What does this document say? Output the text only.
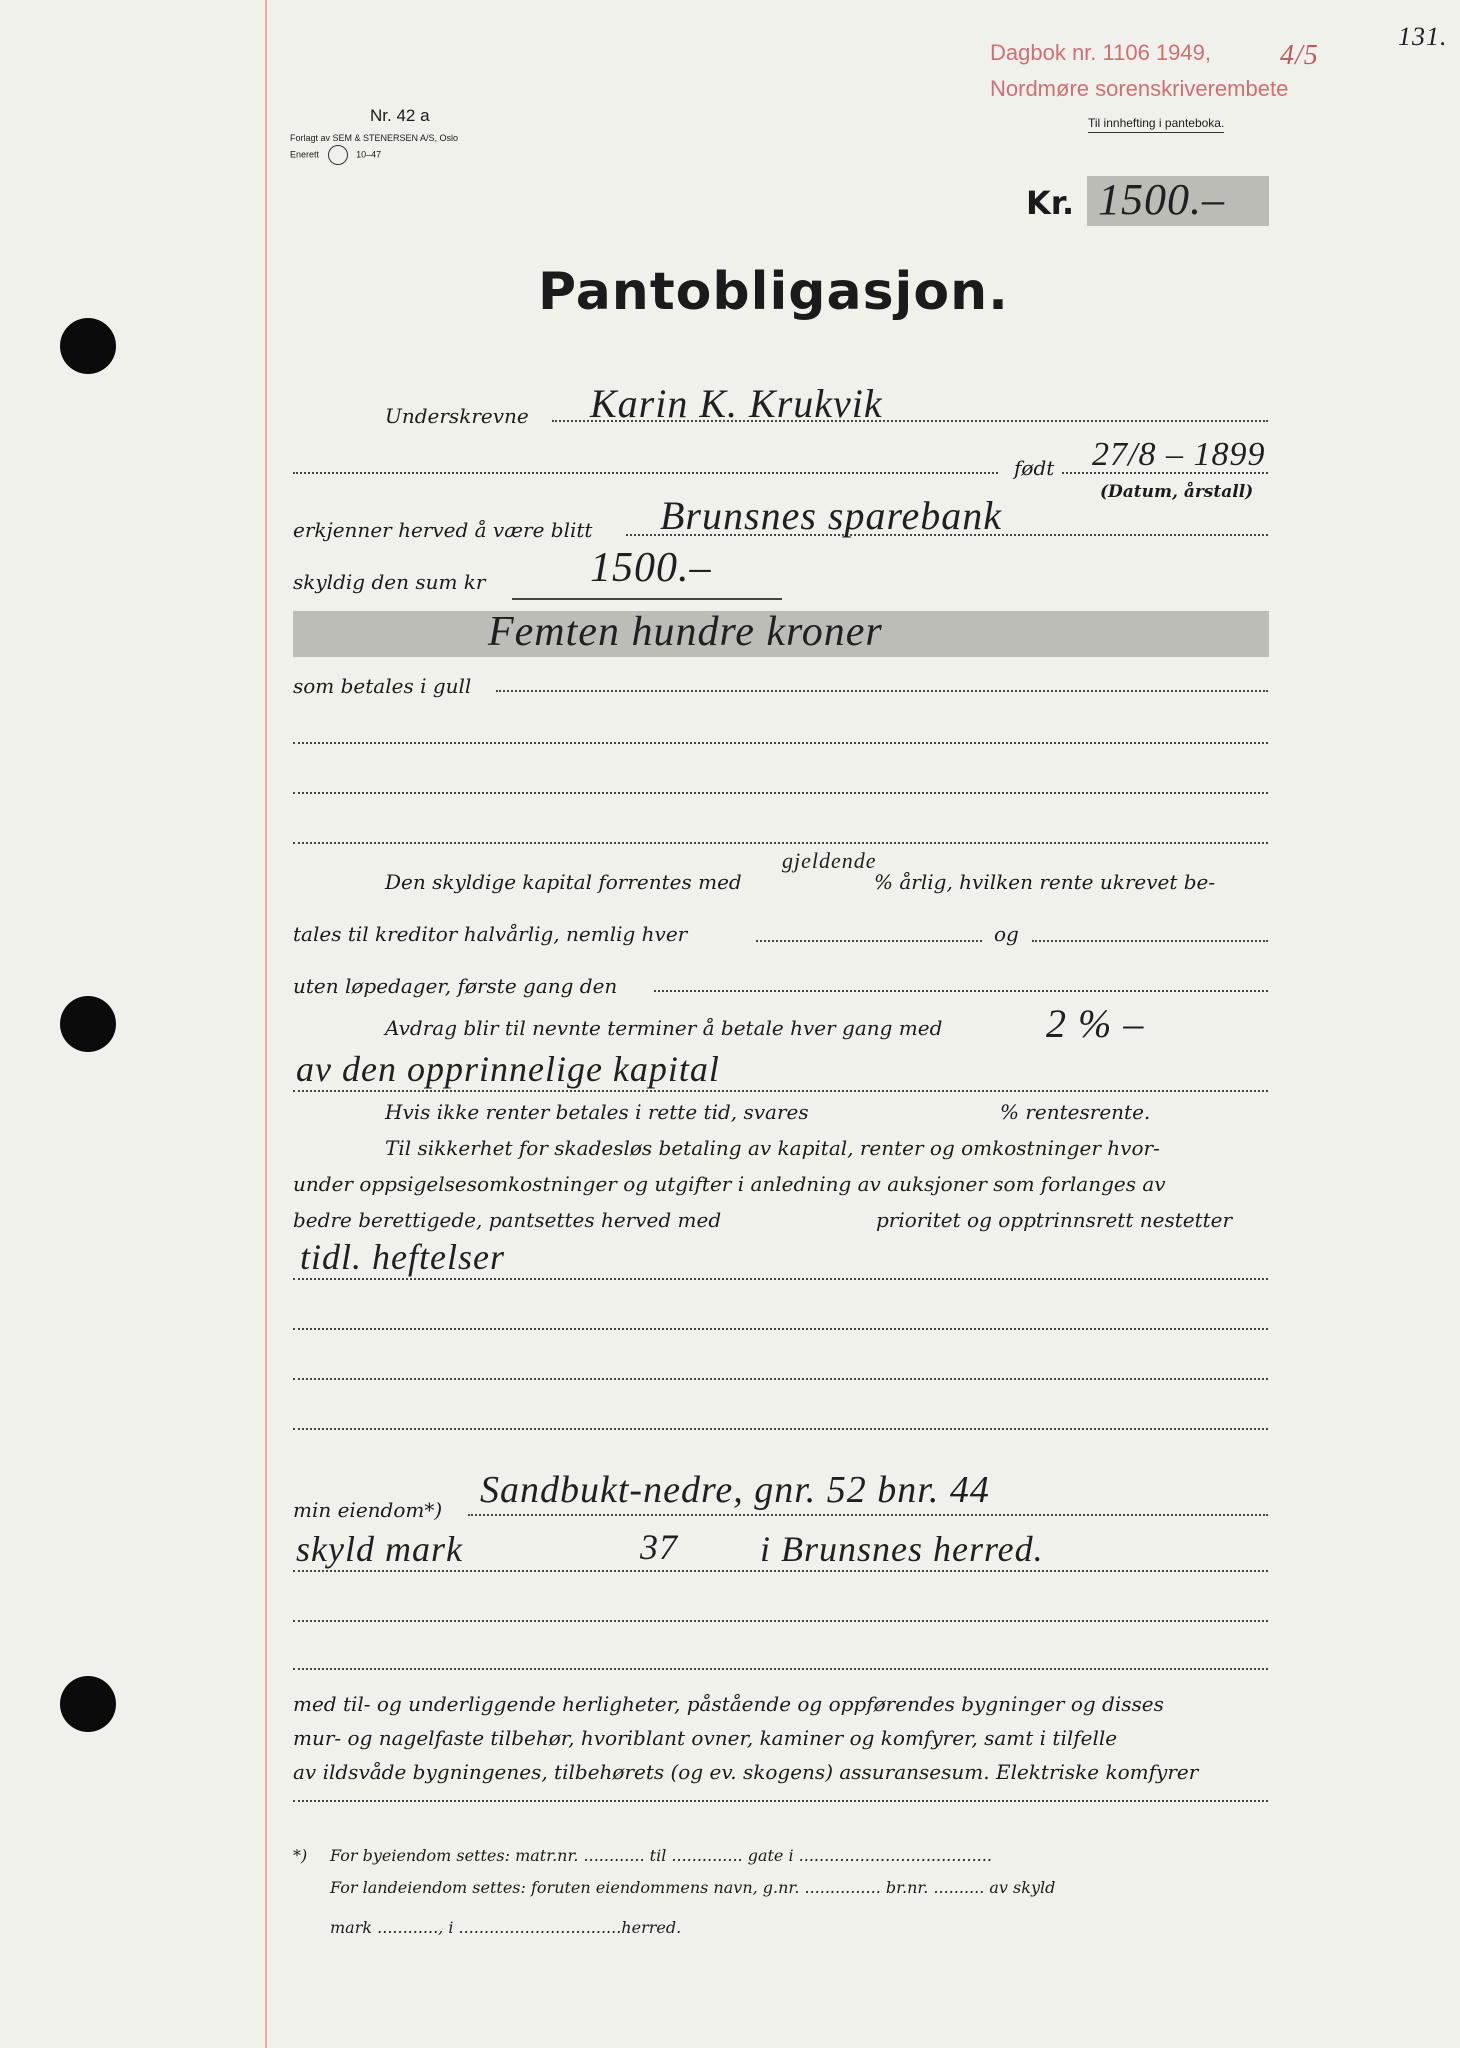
Dagbok nr. 1106 1949, 4/5
131.
Nordmøre sorenskriverembete
Nr. 42 a
Forlagt av SEM & STENERSEN A/S, Oslo
Enerett	10–47
Til innhefting i panteboka.
Kr. 1500.–
Pantobligasjon.
Underskrevne Karin K. Krukvik
født 27/8 – 1899
(Datum, årstall)
erkjenner herved å være blitt Brunsnes sparebank
skyldig den sum kr 1500.–
Femten hundre kroner
som betales i gull
Den skyldige kapital forrentes med
gjeldende
% årlig, hvilken rente ukrevet be-
tales til kreditor halvårlig, nemlig hver	og
uten løpedager, første gang den
Avdrag blir til nevnte terminer å betale hver gang med	2 % –
av den opprinnelige kapital
Hvis ikke renter betales i rette tid, svares	% rentesrente.
Til sikkerhet for skadesløs betaling av kapital, renter og omkostninger hvor-
under oppsigelsesomkostninger og utgifter i anledning av auksjoner som forlanges av
bedre berettigede, pantsettes herved med	prioritet og opptrinnsrett nestetter
tidl. heftelser
min eiendom*) Sandbukt-nedre, gnr. 52 bnr. 44
skyld mark	37 i Brunsnes herred.
med til- og underliggende herligheter, påstående og oppførendes bygninger og disses
mur- og nagelfaste tilbehør, hvoriblant ovner, kaminer og komfyrer, samt i tilfelle
av ildsvåde bygningenes, tilbehørets (og ev. skogens) assuransesum. Elektriske komfyrer
*) For byeiendom settes: matr.nr. ............ til .............. gate i ......................................
For landeiendom settes: foruten eiendommens navn, g.nr. ............... br.nr. .......... av skyld
mark ............, i ................................herred.
